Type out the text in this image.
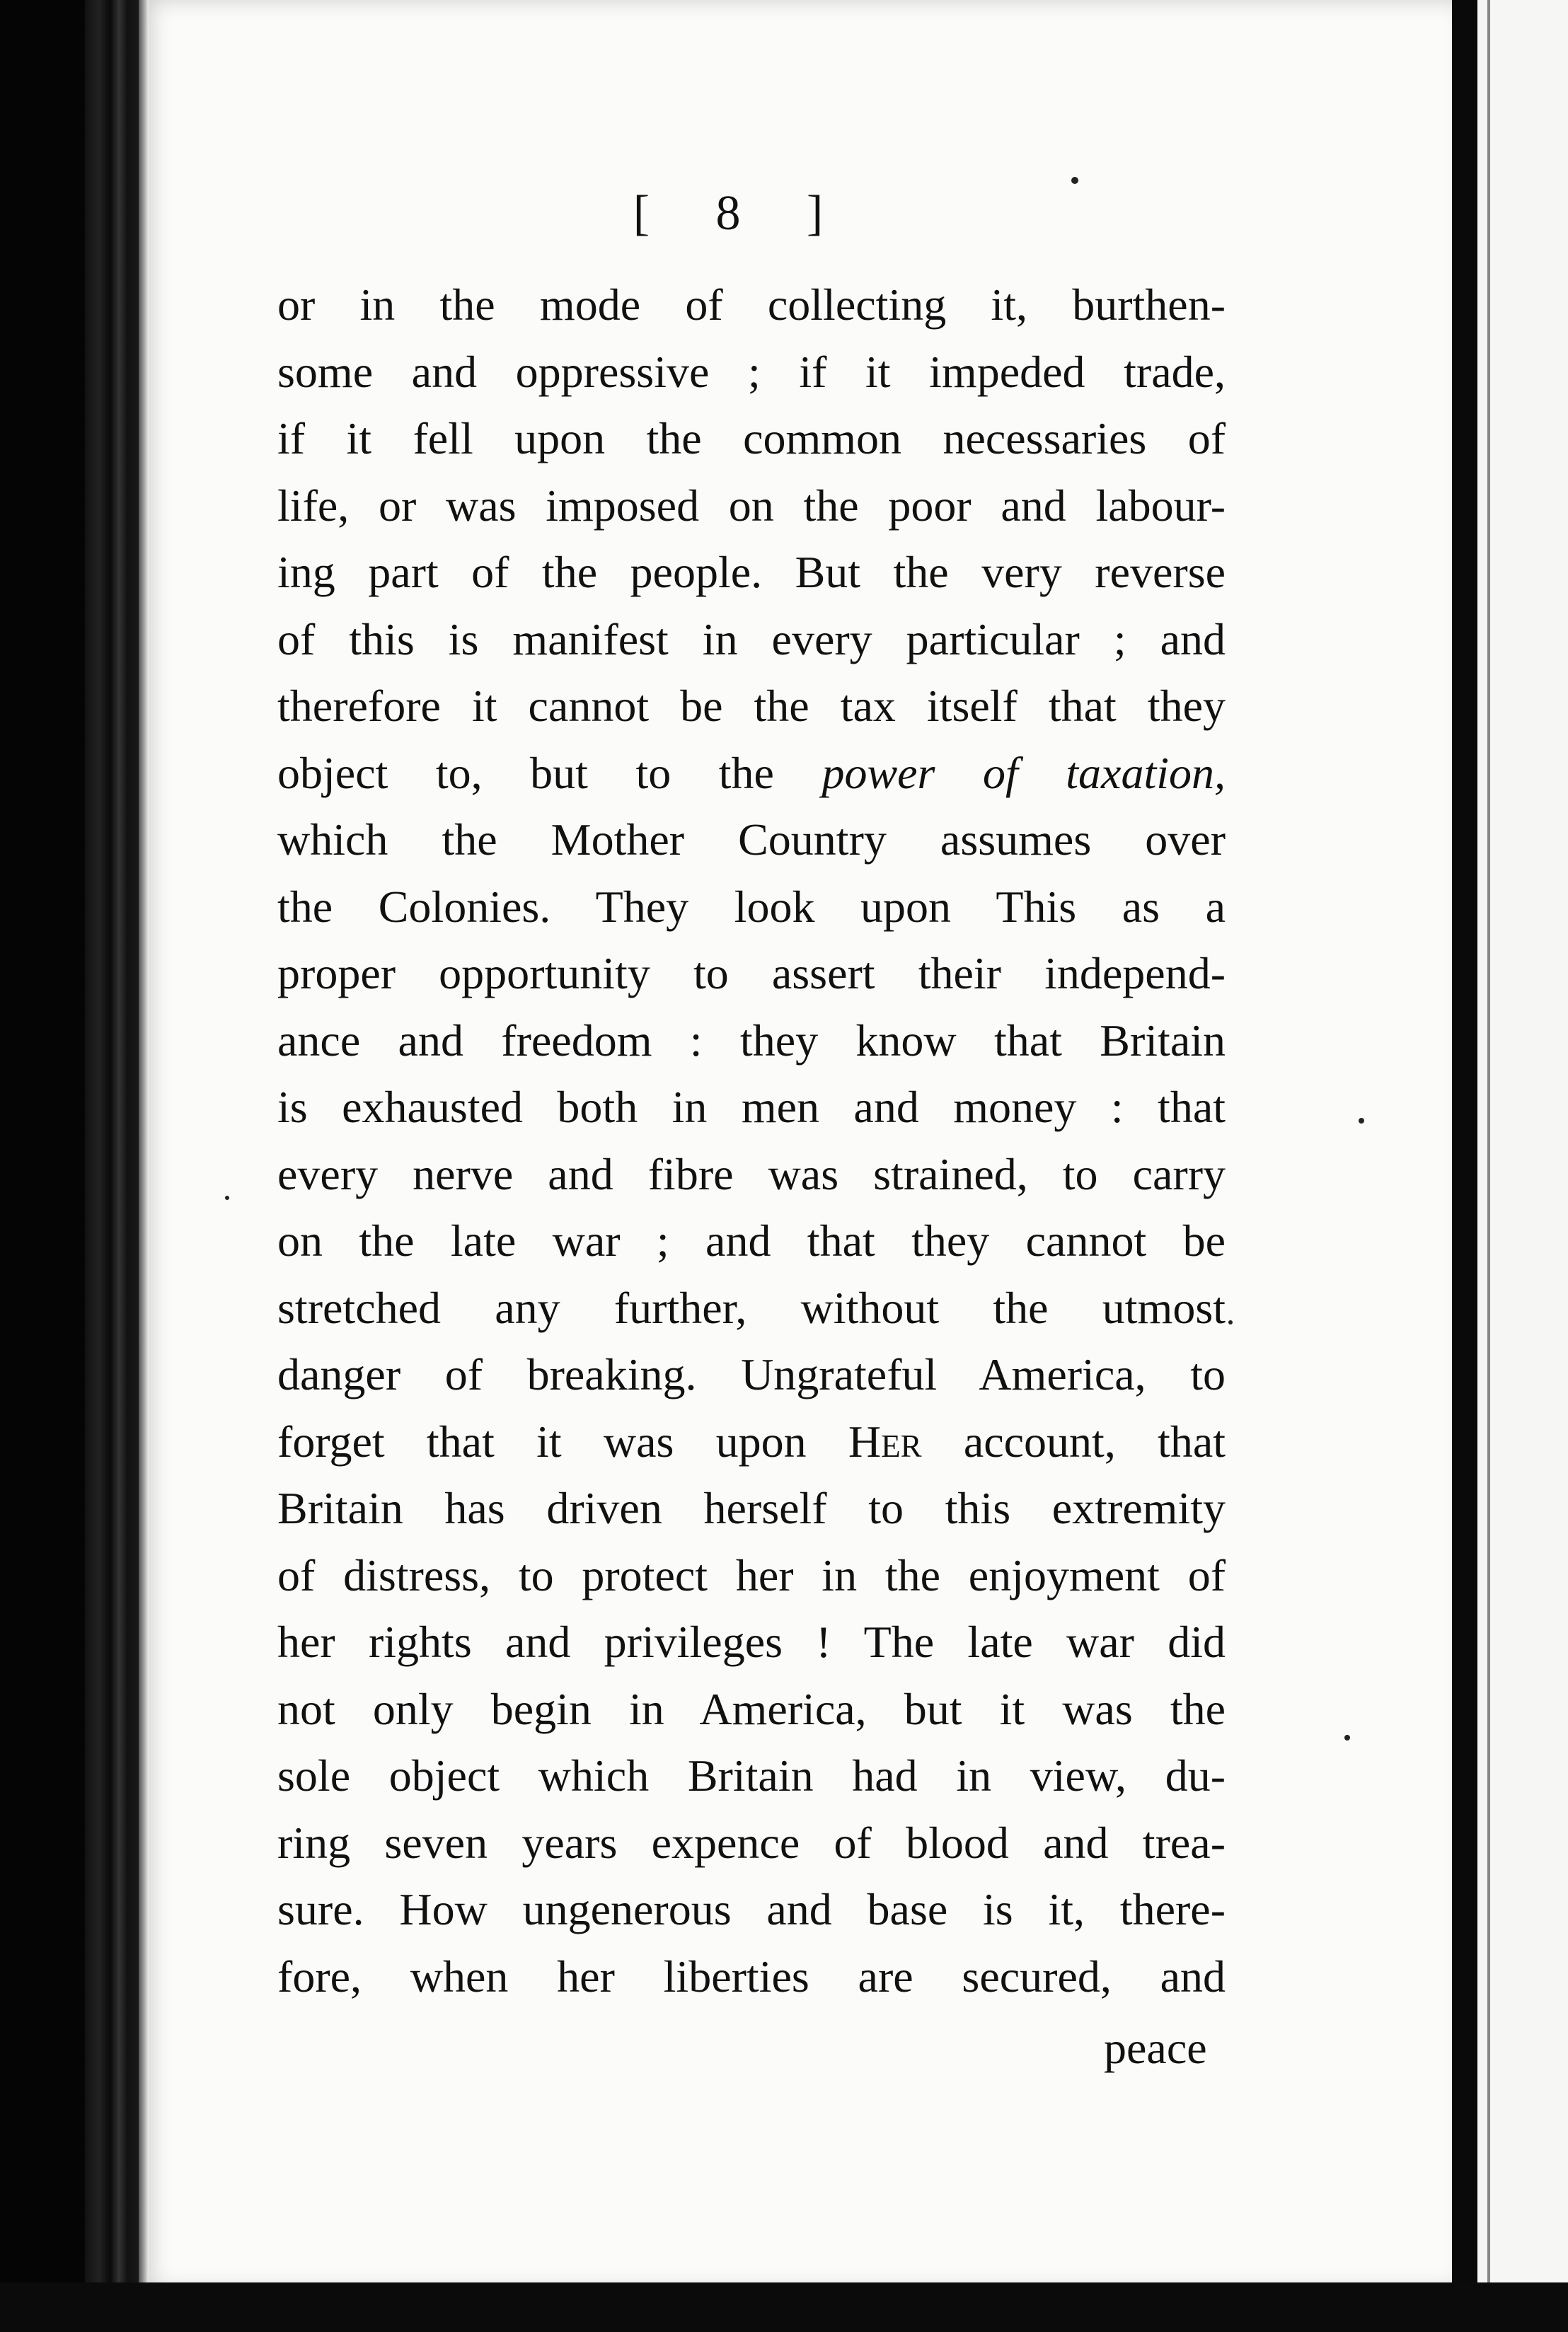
[ 8 ]
or in the mode of collecting it, burthen-
some and oppressive ; if it impeded trade,
if it fell upon the common necessaries of
life, or was imposed on the poor and labour-
ing part of the people. But the very reverse
of this is manifest in every particular ; and
therefore it cannot be the tax itself that they
object to, but to the power of taxation,
which the Mother Country assumes over
the Colonies. They look upon This as a
proper opportunity to assert their independ-
ance and freedom : they know that Britain
is exhausted both in men and money : that
every nerve and fibre was strained, to carry
on the late war ; and that they cannot be
stretched any further, without the utmost
danger of breaking. Ungrateful America, to
forget that it was upon Her account, that
Britain has driven herself to this extremity
of distress, to protect her in the enjoyment of
her rights and privileges ! The late war did
not only begin in America, but it was the
sole object which Britain had in view, du-
ring seven years expence of blood and trea-
sure. How ungenerous and base is it, there-
fore, when her liberties are secured, and
peace
